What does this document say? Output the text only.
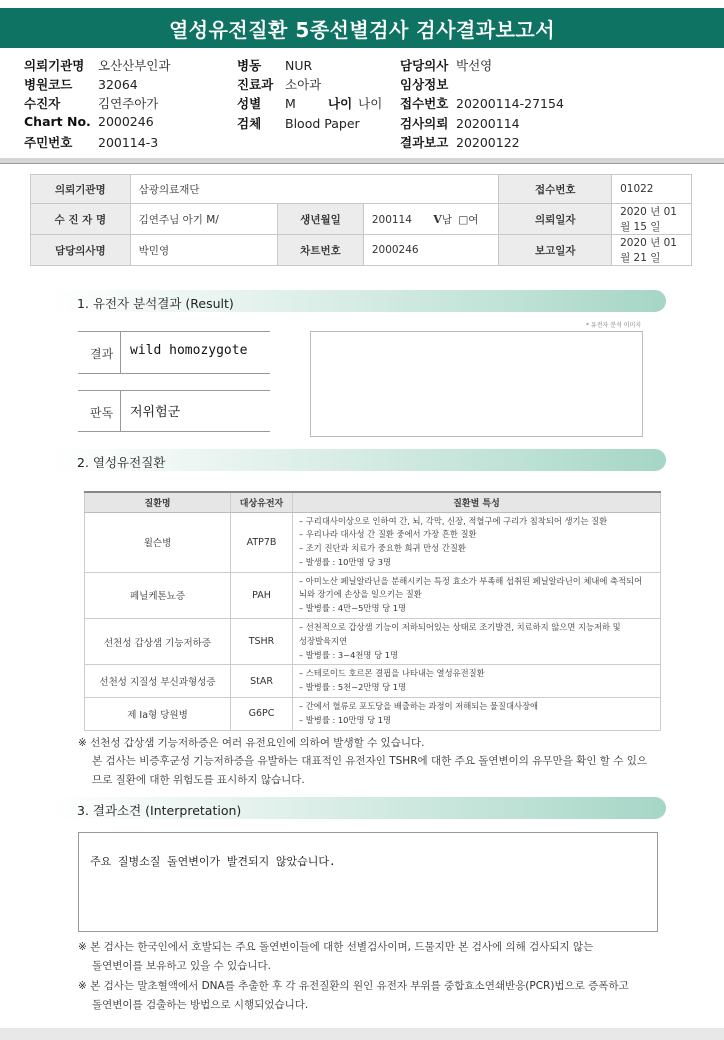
열성유전질환 5종선별검사 검사결과보고서
의뢰기관명 오산산부인과
병원코드 32064
수진자	김연주아가
Chart No. 2000246
주민번호 200114-3
병동 NUR
진료과 소아과
성별 M
검체 Blood Paper
나이 나이
담당의사 박선영
임상정보
접수번호 20200114-27154
검사의뢰 20200114
결과보고 20200122
의뢰기관명	삼광의료재단			접수번호	01022
수 진 자 명	김연주님 아기 M/	생년월일	200114 V남 □여	의뢰일자	2020 년 01 월 15 일
담당의사명	박민영	차트번호	2000246	보고일자	2020 년 01 월 21 일
1. 유전자 분석결과 (Result)
결과 wild homozygote
판독 저위험군
* 유전자 분석 이미지
2. 열성유전질환
질환명	대상유전자	질환별 특성
윌슨병	ATP7B	– 구리대사이상으로 인하여 간, 뇌, 각막, 신장, 적혈구에 구리가 침착되어 생기는 질환
– 우리나라 대사성 간 질환 중에서 가장 흔한 질환
– 조기 진단과 치료가 중요한 희귀 만성 간질환
– 발생률 : 10만명 당 3명

페닐케톤뇨증	PAH	– 아미노산 페닐알라닌을 분해시키는 특정 효소가 부족해 섭취된 페닐알라닌이 체내에 축적되어
뇌와 장기에 손상을 일으키는 질환
– 발병률 : 4만~5만명 당 1명

선천성 갑상샘 기능저하증	TSHR	– 선천적으로 갑상샘 기능이 저하되어있는 상태로 조기발견, 치료하지 않으면 지능저하 및
성장발육지연
– 발병률 : 3~4천명 당 1명

선천성 지질성 부신과형성증	StAR	– 스테로이드 호르몬 결핍을 나타내는 열성유전질환
– 발병률 : 5천~2만명 당 1명

제 Ia형 당원병	G6PC	– 간에서 혈류로 포도당을 배출하는 과정이 저해되는 물질대사장애
– 발병률 : 10만명 당 1명
※ 선천성 갑상샘 기능저하증은 여러 유전요인에 의하여 발생할 수 있습니다.
본 검사는 비증후군성 기능저하증을 유발하는 대표적인 유전자인 TSHR에 대한 주요 돌연변이의 유무만을 확인 할 수 있으
므로 질환에 대한 위험도를 표시하지 않습니다.
3. 결과소견 (Interpretation)
주요 질병소질 돌연변이가 발견되지 않았습니다.
※ 본 검사는 한국인에서 호발되는 주요 돌연변이들에 대한 선별검사이며, 드물지만 본 검사에 의해 검사되지 않는
돌연변이를 보유하고 있을 수 있습니다.
※ 본 검사는 말초혈액에서 DNA를 추출한 후 각 유전질환의 원인 유전자 부위를 중합효소연쇄반응(PCR)법으로 증폭하고
돌연변이를 검출하는 방법으로 시행되었습니다.
